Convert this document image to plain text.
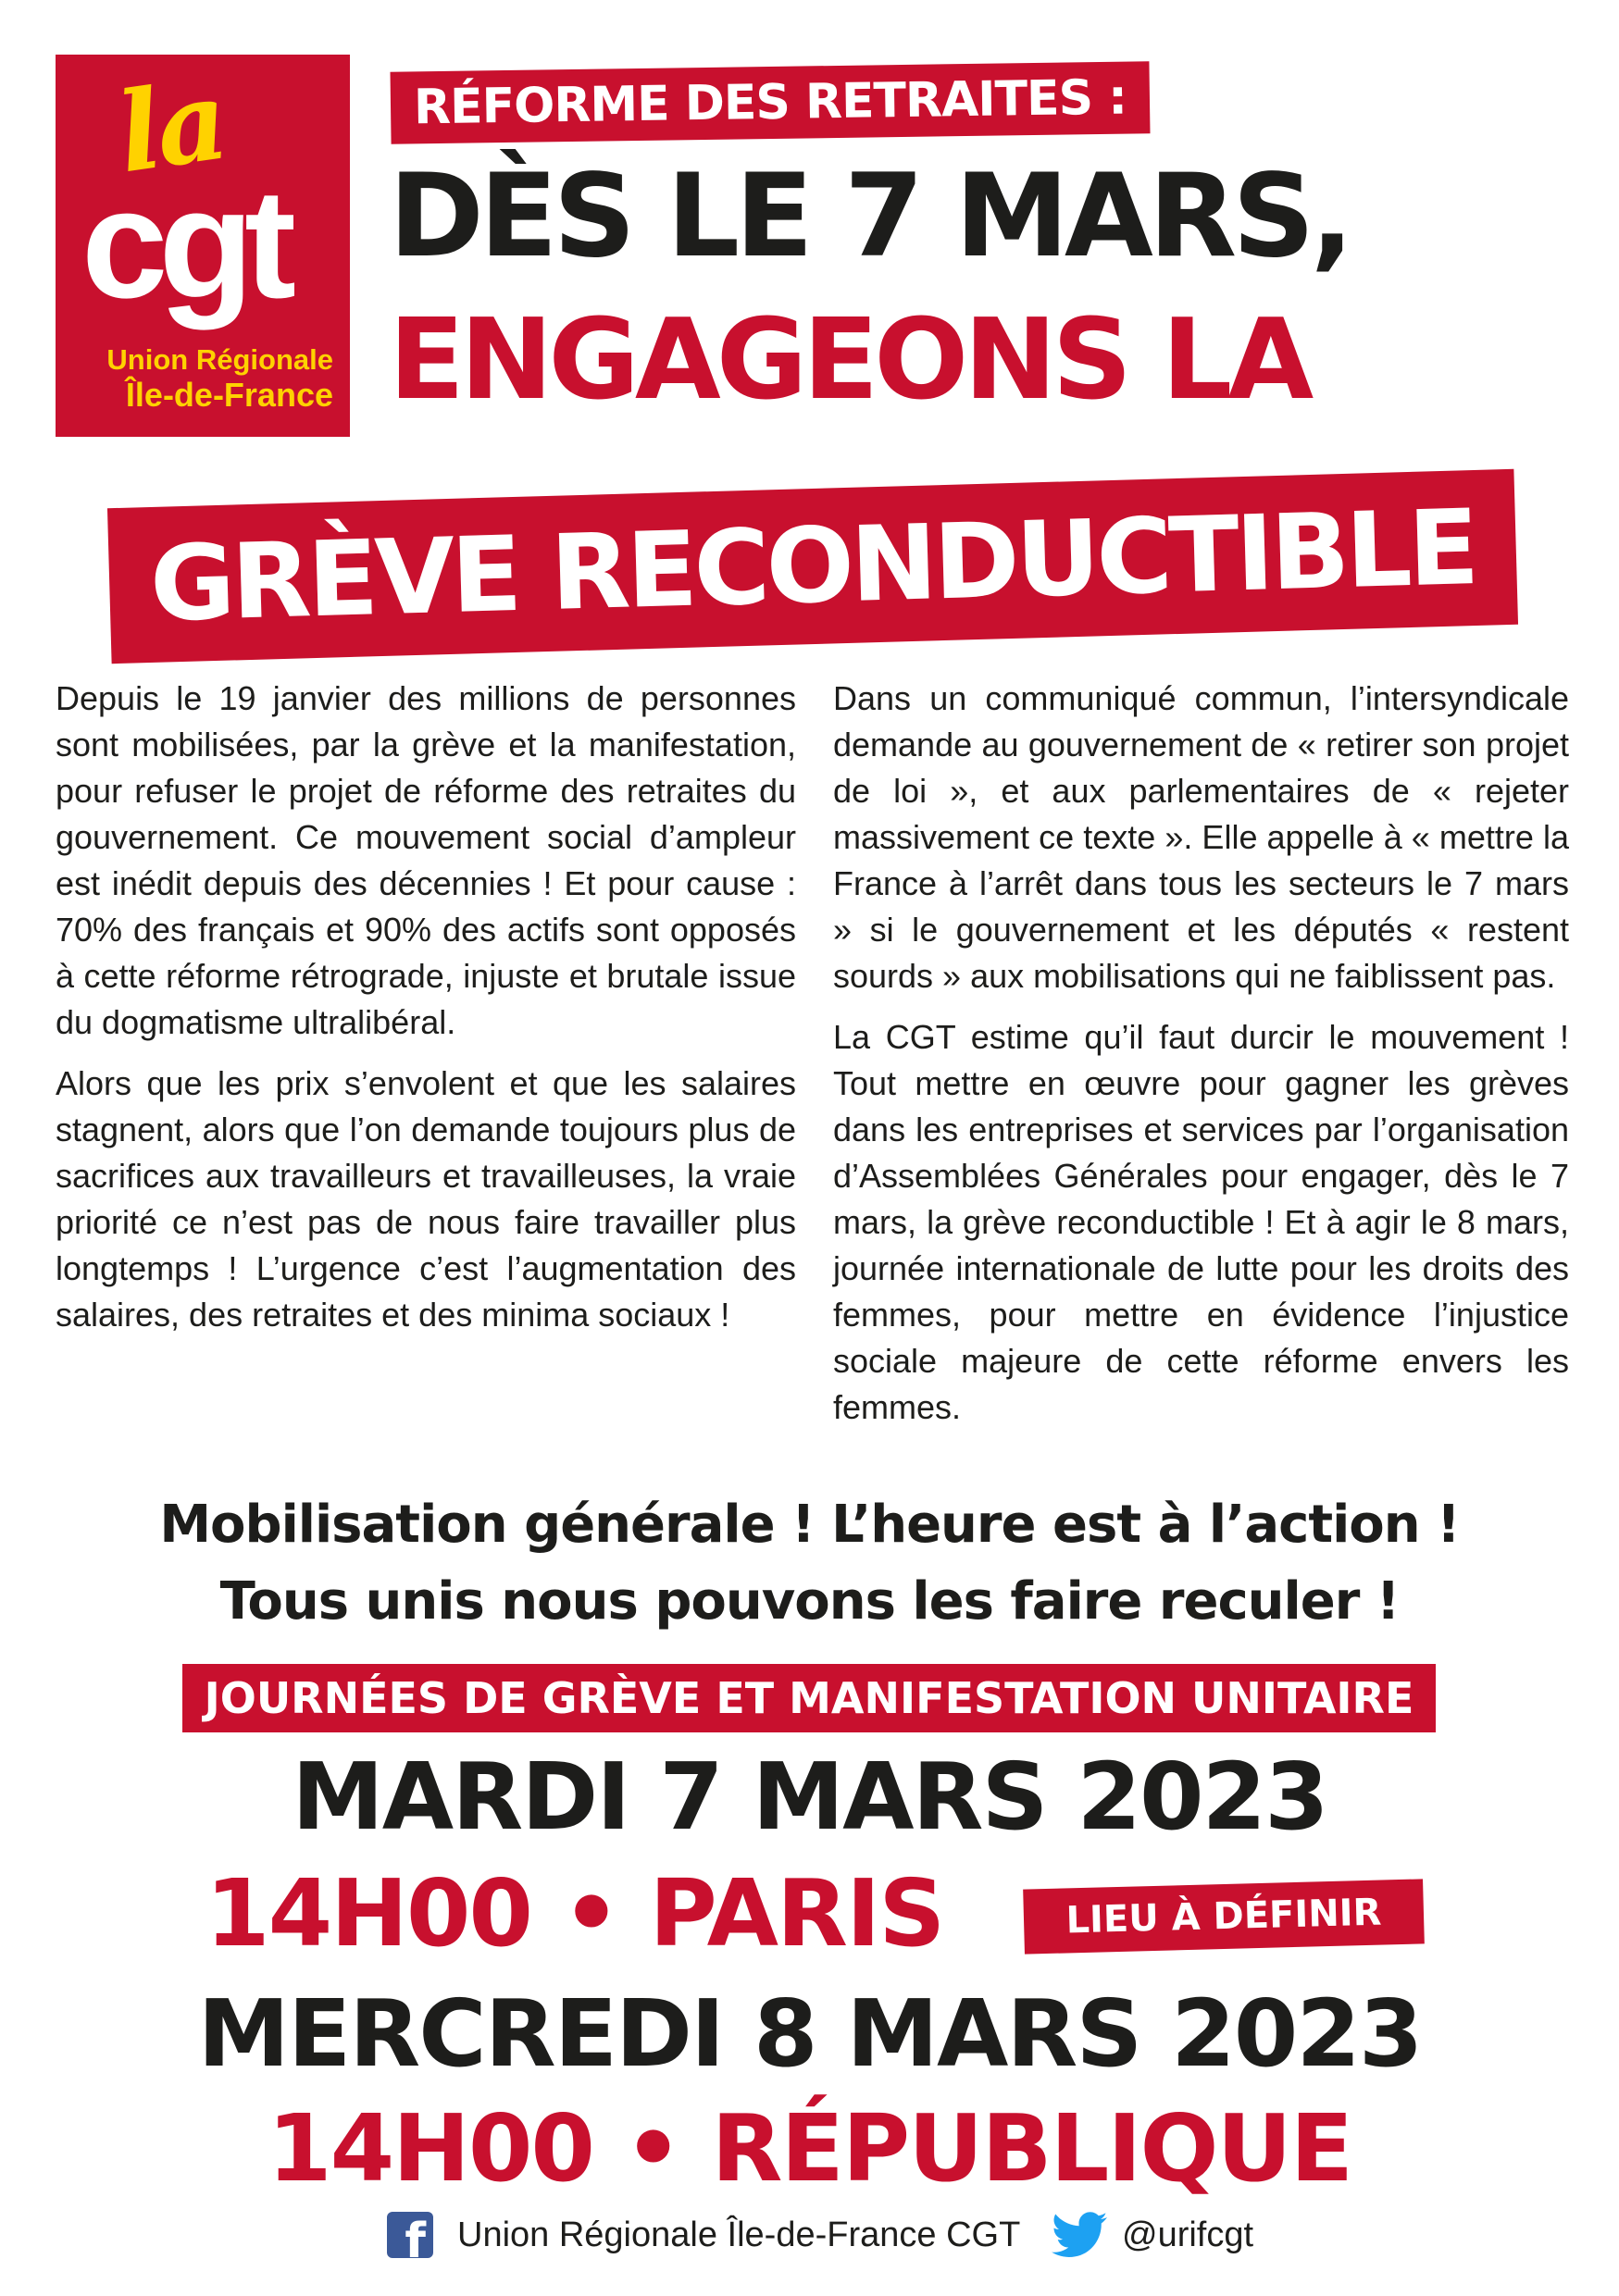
la
cgt
Union Régionale
Île-de-France
RÉFORME DES RETRAITES :
DÈS LE 7 MARS,
ENGAGEONS LA
GRÈVE RECONDUCTIBLE

Depuis le 19 janvier des millions de personnes sont mobilisées, par la grève et la manifestation, pour refuser le projet de réforme des retraites du gouvernement. Ce mouvement social d’ampleur est inédit depuis des décennies ! Et pour cause : 70% des français et 90% des actifs sont opposés à cette réforme rétrograde, injuste et brutale issue du dogmatisme ultralibéral.

Alors que les prix s’envolent et que les salaires stagnent, alors que l’on demande toujours plus de sacrifices aux travailleurs et travailleuses, la vraie priorité ce n’est pas de nous faire travailler plus longtemps ! L’urgence c’est l’augmentation des salaires, des retraites et des minima sociaux !

Dans un communiqué commun, l’intersyndicale demande au gouvernement de « retirer son projet de loi », et aux parlementaires de « rejeter massivement ce texte ». Elle appelle à « mettre la France à l’arrêt dans tous les secteurs le 7 mars » si le gouvernement et les députés « restent sourds » aux mobilisations qui ne faiblissent pas.

La CGT estime qu’il faut durcir le mouvement ! Tout mettre en œuvre pour gagner les grèves dans les entreprises et services par l’organisation d’Assemblées Générales pour engager, dès le 7 mars, la grève reconductible ! Et à agir le 8 mars, journée internationale de lutte pour les droits des femmes, pour mettre en évidence l’injustice sociale majeure de cette réforme envers les femmes.

Mobilisation générale ! L’heure est à l’action !
Tous unis nous pouvons les faire reculer !
JOURNÉES DE GRÈVE ET MANIFESTATION UNITAIRE
MARDI 7 MARS 2023
14H00 • PARIS	LIEU À DÉFINIR
MERCREDI 8 MARS 2023
14H00 • RÉPUBLIQUE
f Union Régionale Île-de-France CGT	@urifcgt
